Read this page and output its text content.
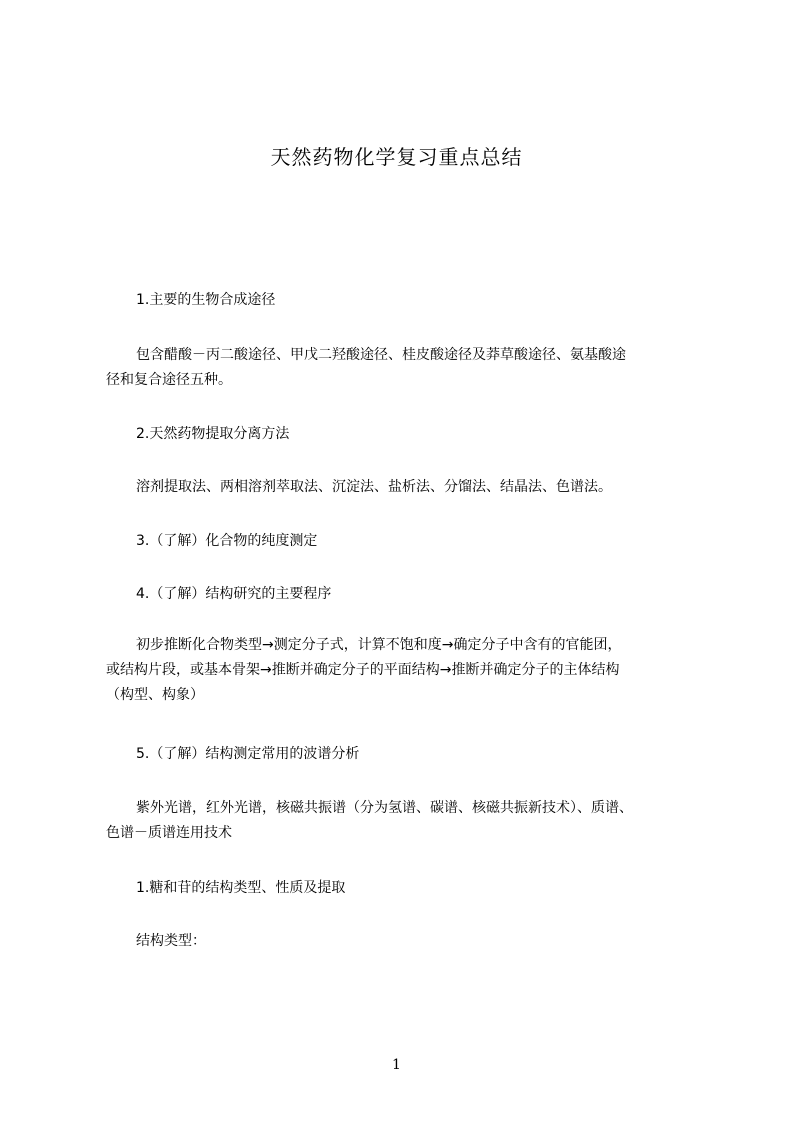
天然药物化学复习重点总结
1.主要的生物合成途径
包含醋酸－丙二酸途径、甲戊二羟酸途径、桂皮酸途径及莽草酸途径、氨基酸途
径和复合途径五种。
2.天然药物提取分离方法
溶剂提取法、两相溶剂萃取法、沉淀法、盐析法、分馏法、结晶法、色谱法。
3.（了解）化合物的纯度测定
4.（了解）结构研究的主要程序
初步推断化合物类型→测定分子式，计算不饱和度→确定分子中含有的官能团，
或结构片段，或基本骨架→推断并确定分子的平面结构→推断并确定分子的主体结构
（构型、构象）
5.（了解）结构测定常用的波谱分析
紫外光谱，红外光谱，核磁共振谱（分为氢谱、碳谱、核磁共振新技术）、质谱、
色谱－质谱连用技术
1.糖和苷的结构类型、性质及提取
结构类型：
1
